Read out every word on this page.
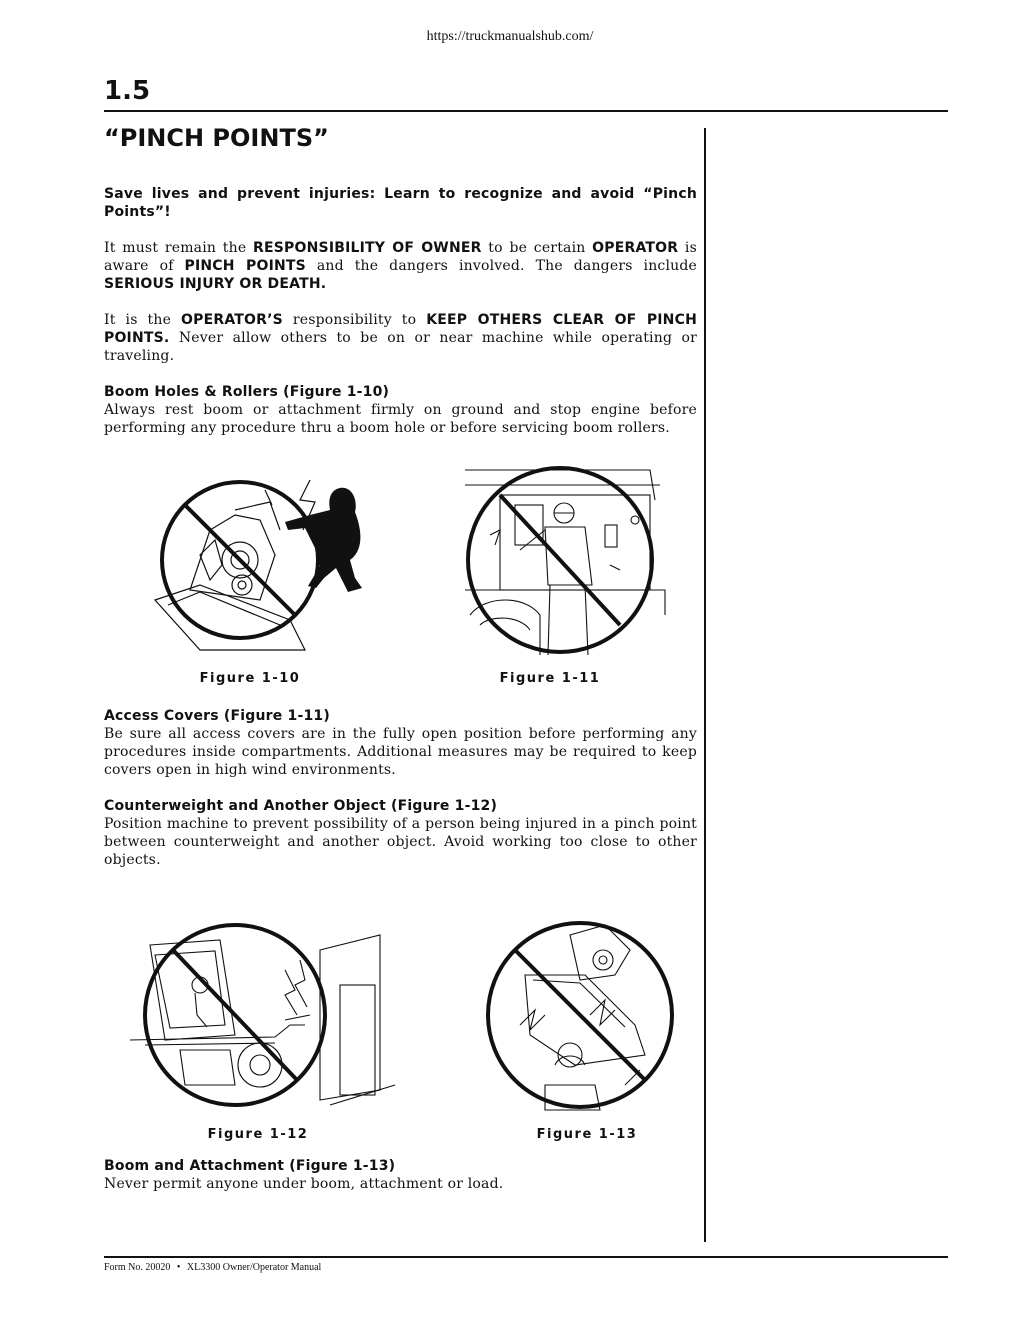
https://truckmanualshub.com/
1.5
“PINCH POINTS”
Save lives and prevent injuries: Learn to recognize and avoid “Pinch Points”!
It must remain the RESPONSIBILITY OF OWNER to be certain OPERATOR is aware of PINCH POINTS and the dangers involved. The dangers include SERIOUS INJURY OR DEATH.
It is the OPERATOR’S responsibility to KEEP OTHERS CLEAR OF PINCH POINTS. Never allow others to be on or near machine while operating or traveling.
Boom Holes & Rollers (Figure 1-10)
Always rest boom or attachment firmly on ground and stop engine before performing any procedure thru a boom hole or before servicing boom rollers.
Figure 1-10	Figure 1-11
Access Covers (Figure 1-11)
Be sure all access covers are in the fully open position before performing any procedures inside compartments. Additional measures may be required to keep covers open in high wind environments.
Counterweight and Another Object (Figure 1-12)
Position machine to prevent possibility of a person being injured in a pinch point between counterweight and another object. Avoid working too close to other objects.
Figure 1-12	Figure 1-13
Boom and Attachment (Figure 1-13)
Never permit anyone under boom, attachment or load.
Form No. 20020 • XL3300 Owner/Operator Manual
